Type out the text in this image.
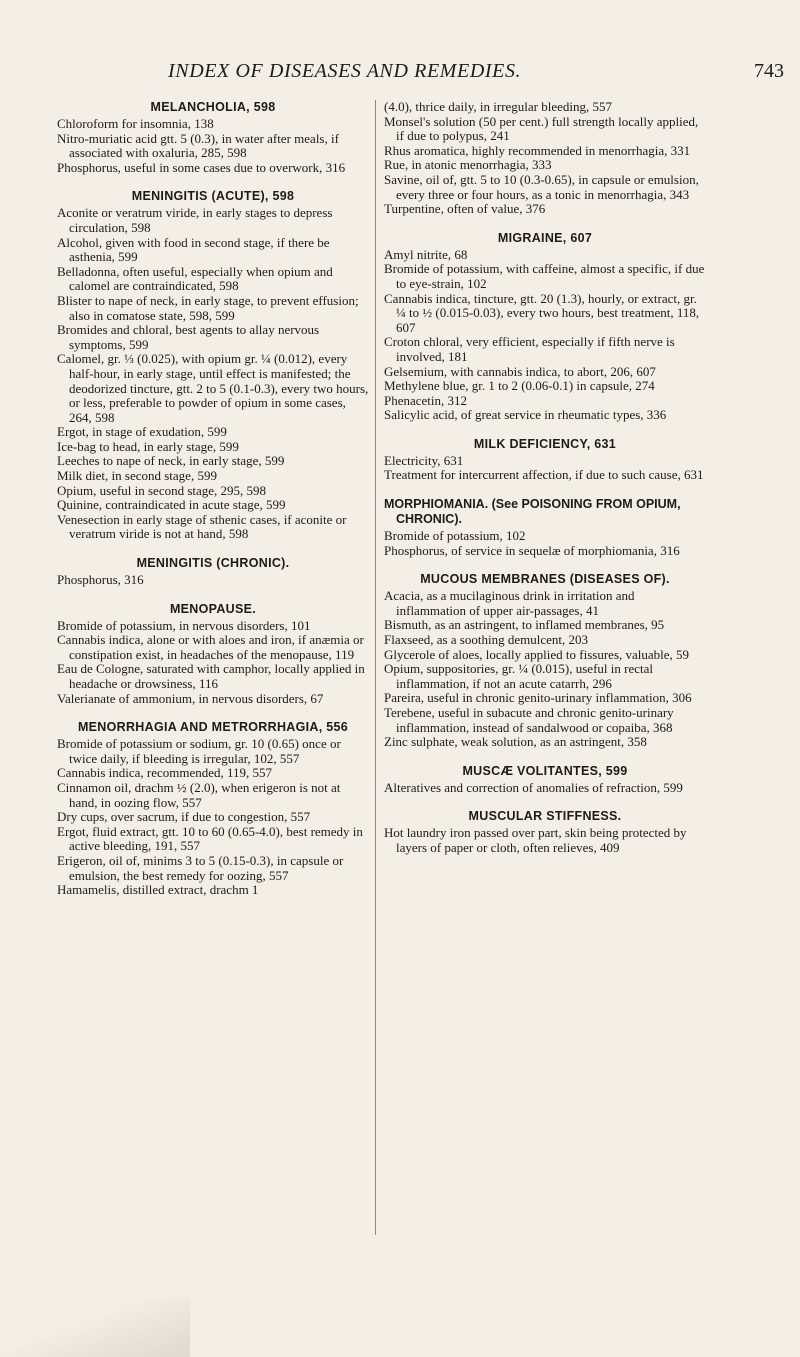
INDEX OF DISEASES AND REMEDIES.	743
MELANCHOLIA, 598
Chloroform for insomnia, 138
Nitro-muriatic acid gtt. 5 (0.3), in water after meals, if associated with oxaluria, 285, 598
Phosphorus, useful in some cases due to overwork, 316
MENINGITIS (ACUTE), 598
Aconite or veratrum viride, in early stages to depress circulation, 598
Alcohol, given with food in second stage, if there be asthenia, 599
Belladonna, often useful, especially when opium and calomel are contraindicated, 598
Blister to nape of neck, in early stage, to prevent effusion; also in comatose state, 598, 599
Bromides and chloral, best agents to allay nervous symptoms, 599
Calomel, gr. ⅓ (0.025), with opium gr. ¼ (0.012), every half-hour, in early stage, until effect is manifested; the deodorized tincture, gtt. 2 to 5 (0.1-0.3), every two hours, or less, preferable to powder of opium in some cases, 264, 598
Ergot, in stage of exudation, 599
Ice-bag to head, in early stage, 599
Leeches to nape of neck, in early stage, 599
Milk diet, in second stage, 599
Opium, useful in second stage, 295, 598
Quinine, contraindicated in acute stage, 599
Venesection in early stage of sthenic cases, if aconite or veratrum viride is not at hand, 598
MENINGITIS (CHRONIC).
Phosphorus, 316
MENOPAUSE.
Bromide of potassium, in nervous disorders, 101
Cannabis indica, alone or with aloes and iron, if anæmia or constipation exist, in headaches of the menopause, 119
Eau de Cologne, saturated with camphor, locally applied in headache or drowsiness, 116
Valerianate of ammonium, in nervous disorders, 67
MENORRHAGIA AND METRORRHAGIA, 556
Bromide of potassium or sodium, gr. 10 (0.65) once or twice daily, if bleeding is irregular, 102, 557
Cannabis indica, recommended, 119, 557
Cinnamon oil, drachm ½ (2.0), when erigeron is not at hand, in oozing flow, 557
Dry cups, over sacrum, if due to congestion, 557
Ergot, fluid extract, gtt. 10 to 60 (0.65-4.0), best remedy in active bleeding, 191, 557
Erigeron, oil of, minims 3 to 5 (0.15-0.3), in capsule or emulsion, the best remedy for oozing, 557
Hamamelis, distilled extract, drachm 1
(4.0), thrice daily, in irregular bleeding, 557
Monsel's solution (50 per cent.) full strength locally applied, if due to polypus, 241
Rhus aromatica, highly recommended in menorrhagia, 331
Rue, in atonic menorrhagia, 333
Savine, oil of, gtt. 5 to 10 (0.3-0.65), in capsule or emulsion, every three or four hours, as a tonic in menorrhagia, 343
Turpentine, often of value, 376
MIGRAINE, 607
Amyl nitrite, 68
Bromide of potassium, with caffeine, almost a specific, if due to eye-strain, 102
Cannabis indica, tincture, gtt. 20 (1.3), hourly, or extract, gr. ¼ to ½ (0.015-0.03), every two hours, best treatment, 118, 607
Croton chloral, very efficient, especially if fifth nerve is involved, 181
Gelsemium, with cannabis indica, to abort, 206, 607
Methylene blue, gr. 1 to 2 (0.06-0.1) in capsule, 274
Phenacetin, 312
Salicylic acid, of great service in rheumatic types, 336
MILK DEFICIENCY, 631
Electricity, 631
Treatment for intercurrent affection, if due to such cause, 631
MORPHIOMANIA. (See POISONING FROM OPIUM, CHRONIC).
Bromide of potassium, 102
Phosphorus, of service in sequelæ of morphiomania, 316
MUCOUS MEMBRANES (DISEASES OF).
Acacia, as a mucilaginous drink in irritation and inflammation of upper air-passages, 41
Bismuth, as an astringent, to inflamed membranes, 95
Flaxseed, as a soothing demulcent, 203
Glycerole of aloes, locally applied to fissures, valuable, 59
Opium, suppositories, gr. ¼ (0.015), useful in rectal inflammation, if not an acute catarrh, 296
Pareira, useful in chronic genito-urinary inflammation, 306
Terebene, useful in subacute and chronic genito-urinary inflammation, instead of sandalwood or copaiba, 368
Zinc sulphate, weak solution, as an astringent, 358
MUSCÆ VOLITANTES, 599
Alteratives and correction of anomalies of refraction, 599
MUSCULAR STIFFNESS.
Hot laundry iron passed over part, skin being protected by layers of paper or cloth, often relieves, 409
